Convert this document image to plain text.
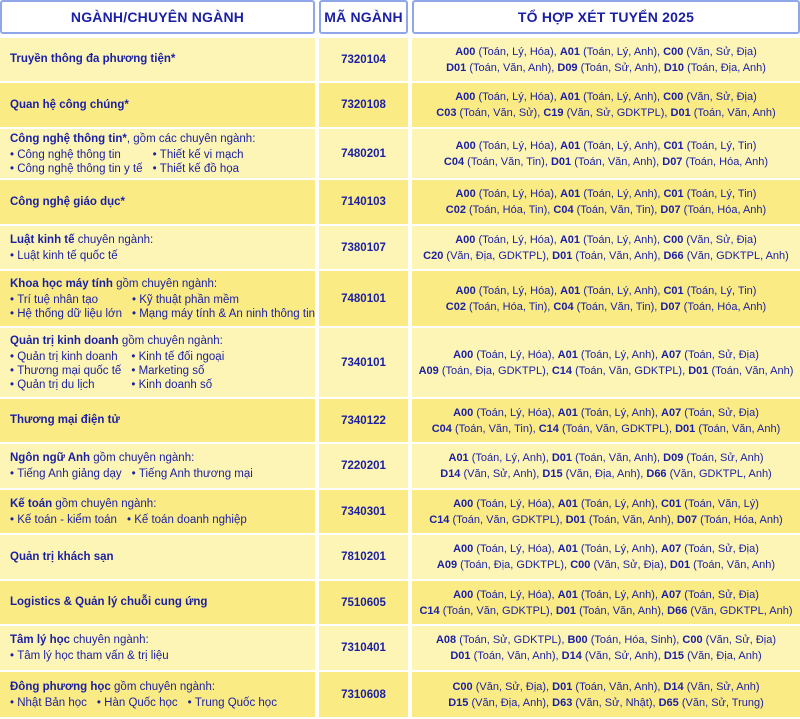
NGÀNH/CHUYÊN NGÀNH	MÃ NGÀNH	TỔ HỢP XÉT TUYỂN 2025
Truyền thông đa phương tiện*	7320104
A00 (Toán, Lý, Hóa), A01 (Toán, Lý, Anh), C00 (Văn, Sử, Địa)
D01 (Toán, Văn, Anh), D09 (Toán, Sử, Anh), D10 (Toán, Địa, Anh)
Quan hệ công chúng*	7320108
A00 (Toán, Lý, Hóa), A01 (Toán, Lý, Anh), C00 (Văn, Sử, Địa)
C03 (Toán, Văn, Sử), C19 (Văn, Sử, GDKTPL), D01 (Toán, Văn, Anh)
Công nghệ thông tin*, gồm các chuyên ngành:
• Công nghệ thông tin	• Thiết kế vi mạch
• Công nghệ thông tin y tế	• Thiết kế đồ họa
7480201
A00 (Toán, Lý, Hóa), A01 (Toán, Lý, Anh), C01 (Toán, Lý, Tin)
C04 (Toán, Văn, Tin), D01 (Toán, Văn, Anh), D07 (Toán, Hóa, Anh)
Công nghệ giáo dục*	7140103
A00 (Toán, Lý, Hóa), A01 (Toán, Lý, Anh), C01 (Toán, Lý, Tin)
C02 (Toán, Hóa, Tin), C04 (Toán, Văn, Tin), D07 (Toán, Hóa, Anh)
Luật kinh tế chuyên ngành:
• Luật kinh tế quốc tế
7380107
A00 (Toán, Lý, Hóa), A01 (Toán, Lý, Anh), C00 (Văn, Sử, Địa)
C20 (Văn, Địa, GDKTPL), D01 (Toán, Văn, Anh), D66 (Văn, GDKTPL, Anh)
Khoa học máy tính gồm chuyên ngành:
• Trí tuệ nhân tạo	• Kỹ thuật phần mềm
• Hệ thống dữ liệu lớn	• Mạng máy tính & An ninh thông tin
7480101
A00 (Toán, Lý, Hóa), A01 (Toán, Lý, Anh), C01 (Toán, Lý, Tin)
C02 (Toán, Hóa, Tin), C04 (Toán, Văn, Tin), D07 (Toán, Hóa, Anh)
Quản trị kinh doanh gồm chuyên ngành:
• Quản trị kinh doanh	• Kinh tế đối ngoại
• Thương mại quốc tế	• Marketing số
• Quản trị du lịch	• Kinh doanh số
7340101
A00 (Toán, Lý, Hóa), A01 (Toán, Lý, Anh), A07 (Toán, Sử, Địa)
A09 (Toán, Địa, GDKTPL), C14 (Toán, Văn, GDKTPL), D01 (Toán, Văn, Anh)
Thương mại điện tử	7340122
A00 (Toán, Lý, Hóa), A01 (Toán, Lý, Anh), A07 (Toán, Sử, Địa)
C04 (Toán, Văn, Tin), C14 (Toán, Văn, GDKTPL), D01 (Toán, Văn, Anh)
Ngôn ngữ Anh gồm chuyên ngành:
• Tiếng Anh giảng dạy	• Tiếng Anh thương mại
7220201
A01 (Toán, Lý, Anh), D01 (Toán, Văn, Anh), D09 (Toán, Sử, Anh)
D14 (Văn, Sử, Anh), D15 (Văn, Địa, Anh), D66 (Văn, GDKTPL, Anh)
Kế toán gồm chuyên ngành:
• Kế toán - kiểm toán	• Kế toán doanh nghiệp
7340301
A00 (Toán, Lý, Hóa), A01 (Toán, Lý, Anh), C01 (Toán, Văn, Lý)
C14 (Toán, Văn, GDKTPL), D01 (Toán, Văn, Anh), D07 (Toán, Hóa, Anh)
Quản trị khách sạn	7810201
A00 (Toán, Lý, Hóa), A01 (Toán, Lý, Anh), A07 (Toán, Sử, Địa)
A09 (Toán, Địa, GDKTPL), C00 (Văn, Sử, Địa), D01 (Toán, Văn, Anh)
Logistics & Quản lý chuỗi cung ứng	7510605
A00 (Toán, Lý, Hóa), A01 (Toán, Lý, Anh), A07 (Toán, Sử, Địa)
C14 (Toán, Văn, GDKTPL), D01 (Toán, Văn, Anh), D66 (Văn, GDKTPL, Anh)
Tâm lý học chuyên ngành:
• Tâm lý học tham vấn & trị liệu
7310401
A08 (Toán, Sử, GDKTPL), B00 (Toán, Hóa, Sinh), C00 (Văn, Sử, Địa)
D01 (Toán, Văn, Anh), D14 (Văn, Sử, Anh), D15 (Văn, Địa, Anh)
Đông phương học gồm chuyên ngành:
• Nhật Bản học	• Hàn Quốc học	• Trung Quốc học
7310608
C00 (Văn, Sử, Địa), D01 (Toán, Văn, Anh), D14 (Văn, Sử, Anh)
D15 (Văn, Địa, Anh), D63 (Văn, Sử, Nhật), D65 (Văn, Sử, Trung)
